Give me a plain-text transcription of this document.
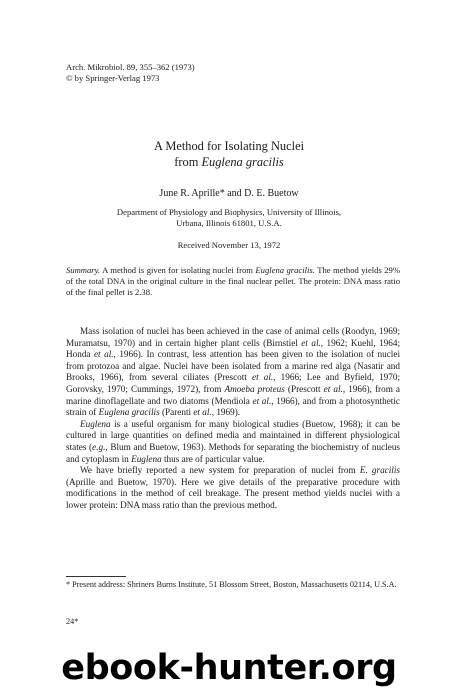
Arch. Mikrobiol. 89, 355–362 (1973)
© by Springer-Verlag 1973
A Method for Isolating Nuclei
from Euglena gracilis
June R. Aprille* and D. E. Buetow
Department of Physiology and Biophysics, University of Illinois,
Urbana, Illinois 61801, U.S.A.
Received November 13, 1972
Summary. A method is given for isolating nuclei from Euglena gracilis. The method yields 29% of the total DNA in the original culture in the final nuclear pellet. The protein: DNA mass ratio of the final pellet is 2.38.

Mass isolation of nuclei has been achieved in the case of animal cells (Roodyn, 1969; Muramatsu, 1970) and in certain higher plant cells (Birnstiel et al., 1962; Kuehl, 1964; Honda et al., 1966). In contrast, less attention has been given to the isolation of nuclei from protozoa and algae. Nuclei have been isolated from a marine red alga (Nasatir and Brooks, 1966), from several ciliates (Prescott et al., 1966; Lee and Byfield, 1970; Gorovsky, 1970; Cummings, 1972), from Amoeba proteus (Prescott et al., 1966), from a marine dinoflagellate and two diatoms (Mendiola et al., 1966), and from a photosynthetic strain of Euglena gracilis (Parenti et al., 1969).

Euglena is a useful organism for many biological studies (Buetow, 1968); it can be cultured in large quantities on defined media and maintained in different physiological states (e.g., Blum and Buetow, 1963). Methods for separating the biochemistry of nucleus and cytoplasm in Euglena thus are of particular value.

We have briefly reported a new system for preparation of nuclei from E. gracilis (Aprille and Buetow, 1970). Here we give details of the preparative procedure with modifications in the method of cell breakage. The present method yields nuclei with a lower protein: DNA mass ratio than the previous method.

* Present address: Shriners Burns Institute, 51 Blossom Street, Boston, Massachusetts 02114, U.S.A.
24*
ebook-hunter.org
